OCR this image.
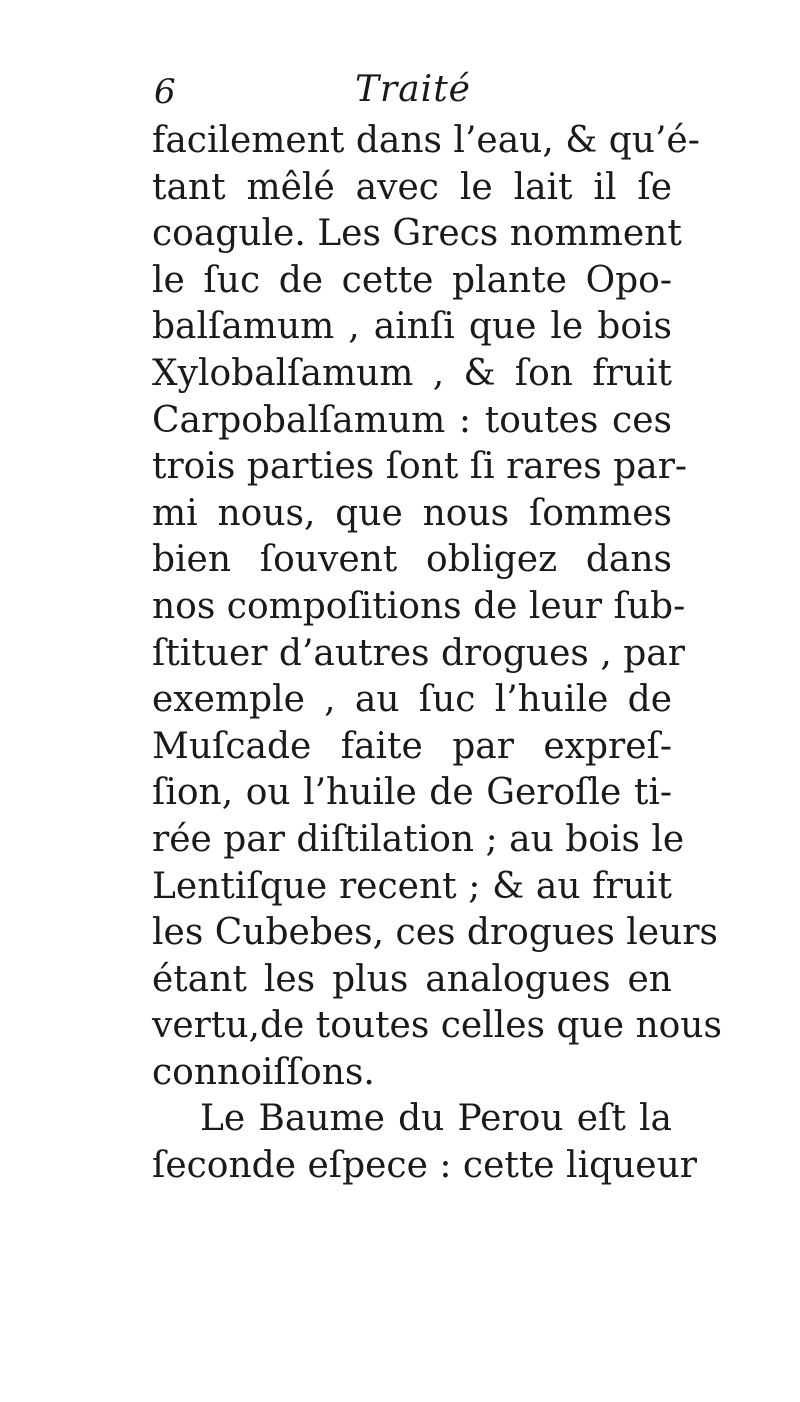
6	Traité
facilement dans l’eau, & qu’é-
tant mêlé avec le lait il ſe
coagule. Les Grecs nomment
le ſuc de cette plante Opo-
balſamum , ainſi que le bois
Xylobalſamum , & ſon fruit
Carpobalſamum : toutes ces
trois parties ſont ſi rares par-
mi nous, que nous ſommes
bien ſouvent obligez dans
nos compoſitions de leur ſub-
ſtituer d’autres drogues , par
exemple , au ſuc l’huile de
Muſcade faite par expreſ-
ſion, ou l’huile de Geroſle ti-
rée par diſtilation ; au bois le
Lentiſque recent ; & au fruit
les Cubebes, ces drogues leurs
étant les plus analogues en
vertu,de toutes celles que nous
connoiſſons.
Le Baume du Perou eſt la
ſeconde eſpece : cette liqueur
